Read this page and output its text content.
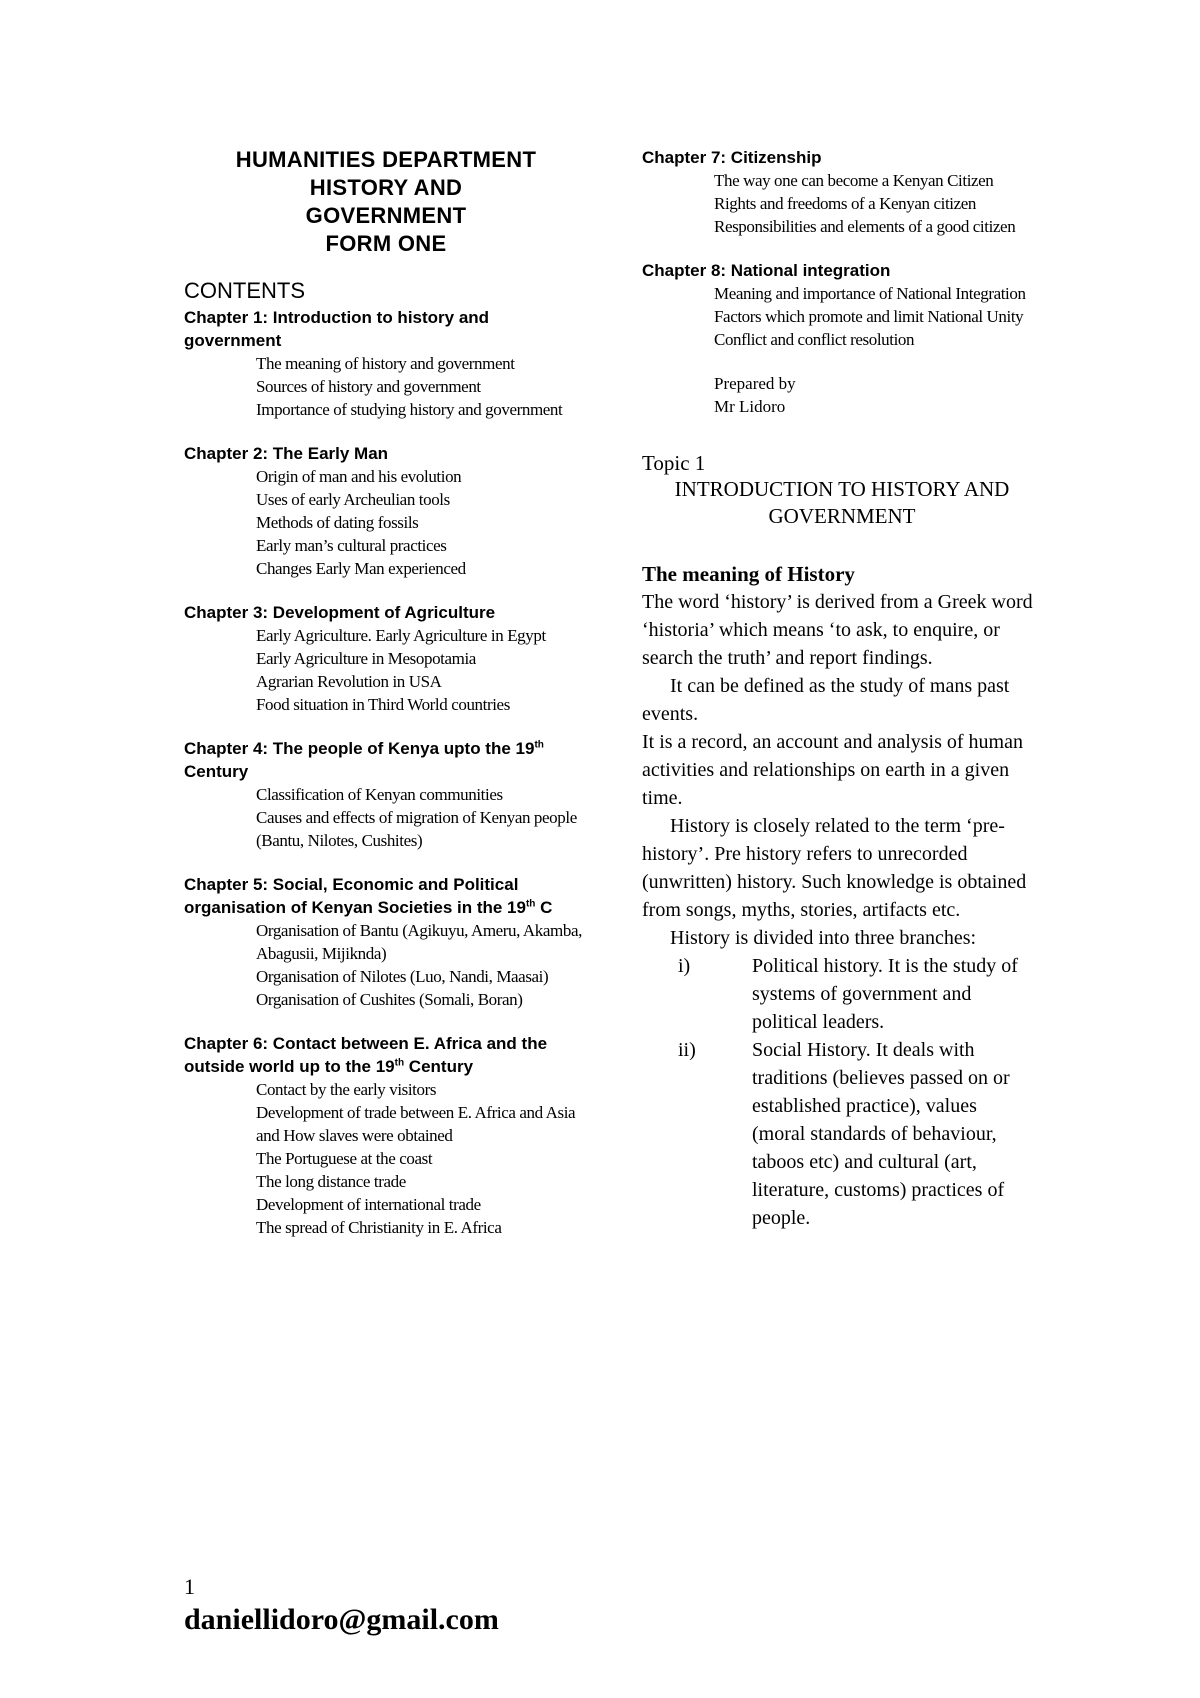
HUMANITIES DEPARTMENT

HISTORY AND

GOVERNMENT

FORM ONE

CONTENTS

Chapter 1: Introduction to history and government

The meaning of history and government
Sources of history and government
Importance of studying history and government

Chapter 2: The Early Man

Origin of man and his evolution
Uses of early Archeulian tools
Methods of dating fossils
Early man’s cultural practices
Changes Early Man experienced

Chapter 3: Development of Agriculture

Early Agriculture. Early Agriculture in Egypt
Early Agriculture in Mesopotamia
Agrarian Revolution in USA
Food situation in Third World countries

Chapter 4: The people of Kenya upto the 19th Century

Classification of Kenyan communities
Causes and effects of migration of Kenyan people (Bantu, Nilotes, Cushites)

Chapter 5: Social, Economic and Political organisation of Kenyan Societies in the 19th C

Organisation of Bantu (Agikuyu, Ameru, Akamba, Abagusii, Mijiknda)
Organisation of Nilotes (Luo, Nandi, Maasai)
Organisation of Cushites (Somali, Boran)

Chapter 6: Contact between E. Africa and the outside world up to the 19th Century

Contact by the early visitors
Development of trade between E. Africa and Asia and How slaves were obtained
The Portuguese at the coast
The long distance trade
Development of international trade
The spread of Christianity in E. Africa

Chapter 7: Citizenship

The way one can become a Kenyan Citizen
Rights and freedoms of a Kenyan citizen
Responsibilities and elements of a good citizen

Chapter 8: National integration

Meaning and importance of National Integration
Factors which promote and limit National Unity
Conflict and conflict resolution
Prepared by
Mr Lidoro
Topic 1
INTRODUCTION TO HISTORY AND GOVERNMENT
The meaning of History

The word ‘history’ is derived from a Greek word ‘historia’ which means ‘to ask, to enquire, or search the truth’ and report findings.

It can be defined as the study of mans past events.

It is a record, an account and analysis of human activities and relationships on earth in a given time.

History is closely related to the term ‘pre-history’. Pre history refers to unrecorded (unwritten) history. Such knowledge is obtained from songs, myths, stories, artifacts etc.

History is divided into three branches:

i)	Political history. It is the study of systems of government and political leaders.
ii)	Social History. It deals with traditions (believes passed on or established practice), values (moral standards of behaviour, taboos etc) and cultural (art, literature, customs) practices of people.
1
daniellidoro@gmail.com
